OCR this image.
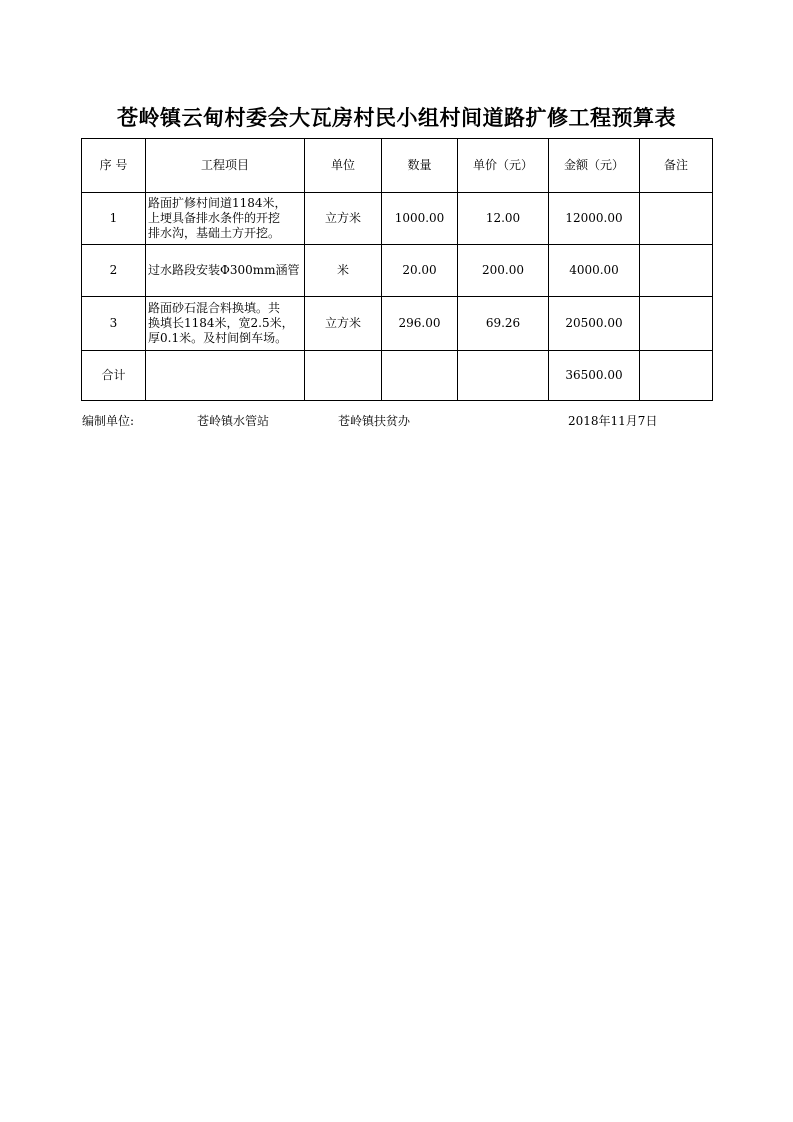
苍岭镇云甸村委会大瓦房村民小组村间道路扩修工程预算表
序 号	工程项目	单位	数量	单价（元）	金额（元）	备注
1	路面扩修村间道1184米，
上埂具备排水条件的开挖
排水沟，基础土方开挖。	立方米	1000.00	12.00	12000.00	
2	过水路段安装Φ300mm涵管	米	20.00	200.00	4000.00	
3	路面砂石混合料换填。共
换填长1184米，宽2.5米，
厚0.1米。及村间倒车场。	立方米	296.00	69.26	20500.00	
合计					36500.00	
编制单位:	苍岭镇水管站	苍岭镇扶贫办	2018年11月7日
